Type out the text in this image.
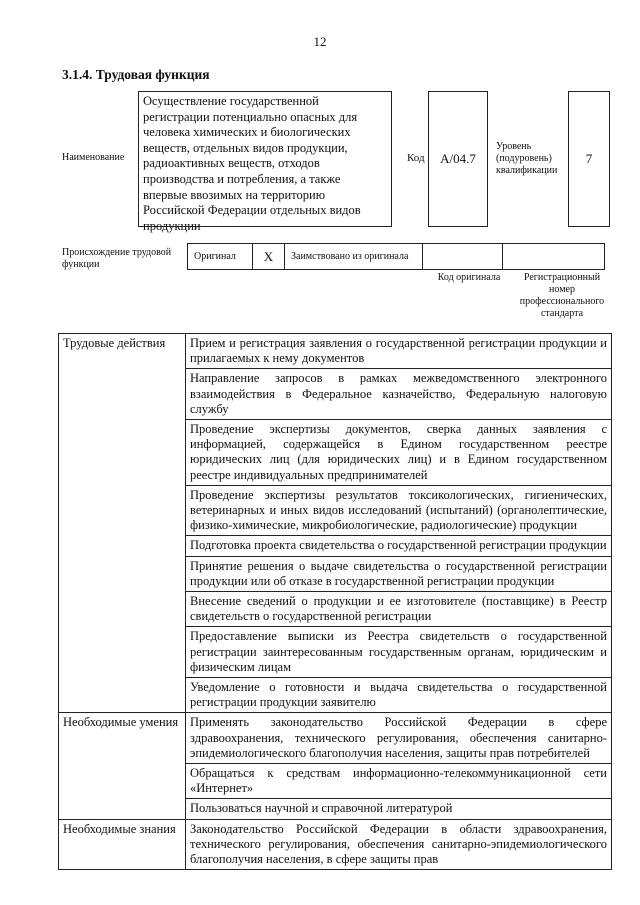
12
3.1.4. Трудовая функция
Наименование
Осуществление государственной регистрации потенциально опасных для человека химических и биологических веществ, отдельных видов продукции, радиоактивных веществ, отходов производства и потребления, а также впервые ввозимых на территорию Российской Федерации отдельных видов продукции
Код А/04.7
Уровень (подуровень) квалификации
7
Происхождение трудовой функции
Оригинал	Х	Заимствовано из оригинала		
Код оригинала	Регистрационный номер профессионального стандарта
Трудовые действия	Прием и регистрация заявления о государственной регистрации продукции и прилагаемых к нему документов
	Направление запросов в рамках межведомственного электронного взаимодействия в Федеральное казначейство, Федеральную налоговую службу
	Проведение экспертизы документов, сверка данных заявления с информацией, содержащейся в Едином государственном реестре юридических лиц (для юридических лиц) и в Едином государственном реестре индивидуальных предпринимателей
	Проведение экспертизы результатов токсикологических, гигиенических, ветеринарных и иных видов исследований (испытаний) (органолептические, физико-химические, микробиологические, радиологические) продукции
	Подготовка проекта свидетельства о государственной регистрации продукции
	Принятие решения о выдаче свидетельства о государственной регистрации продукции или об отказе в государственной регистрации продукции
	Внесение сведений о продукции и ее изготовителе (поставщике) в Реестр свидетельств о государственной регистрации
	Предоставление выписки из Реестра свидетельств о государственной регистрации заинтересованным государственным органам, юридическим и физическим лицам
	Уведомление о готовности и выдача свидетельства о государственной регистрации продукции заявителю
Необходимые умения	Применять законодательство Российской Федерации в сфере здравоохранения, технического регулирования, обеспечения санитарно-эпидемиологического благополучия населения, защиты прав потребителей
	Обращаться к средствам информационно-телекоммуникационной сети «Интернет»
	Пользоваться научной и справочной литературой
Необходимые знания	Законодательство Российской Федерации в области здравоохранения, технического регулирования, обеспечения санитарно-эпидемиологического благополучия населения, в сфере защиты прав
